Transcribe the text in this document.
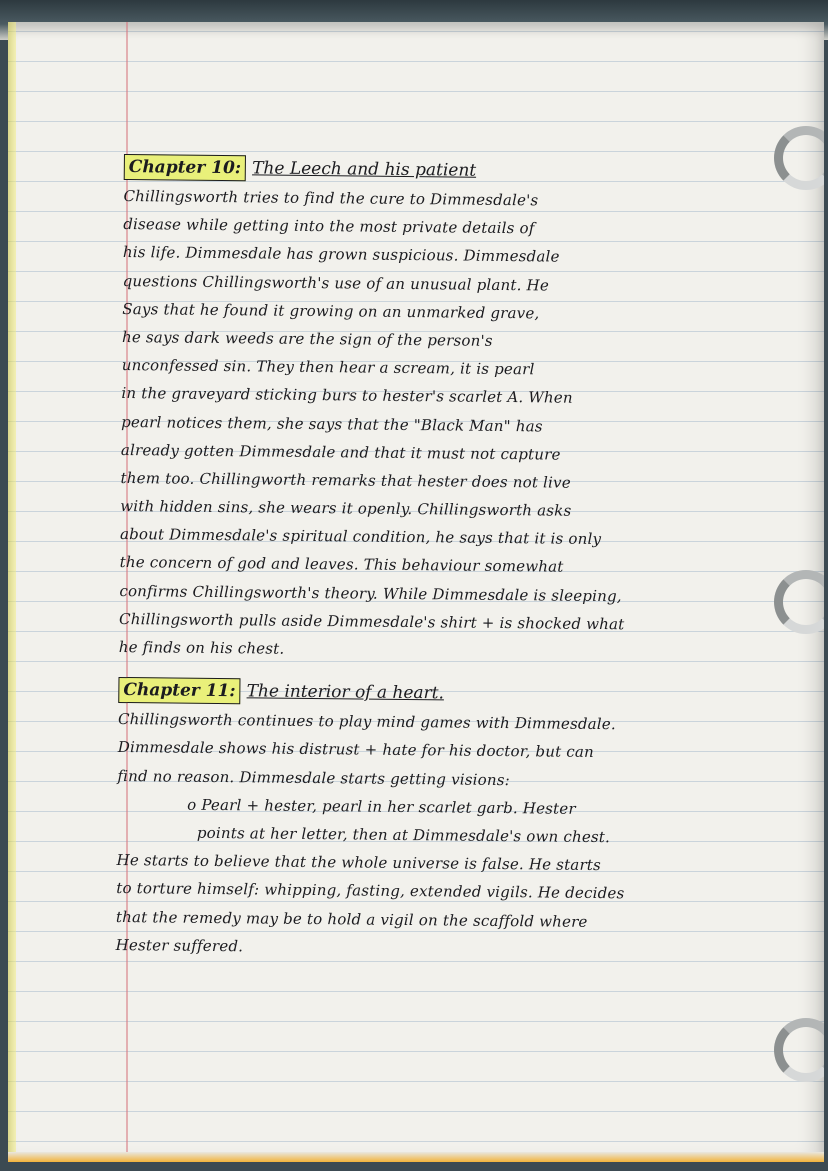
Chapter 10: The Leech and his patient
Chillingsworth tries to find the cure to Dimmesdale's
disease while getting into the most private details of
his life. Dimmesdale has grown suspicious. Dimmesdale
questions Chillingsworth's use of an unusual plant. He
Says that he found it growing on an unmarked grave,
he says dark weeds are the sign of the person's
unconfessed sin. They then hear a scream, it is pearl
in the graveyard sticking burs to hester's scarlet A. When
pearl notices them, she says that the "Black Man" has
already gotten Dimmesdale and that it must not capture
them too. Chillingworth remarks that hester does not live
with hidden sins, she wears it openly. Chillingsworth asks
about Dimmesdale's spiritual condition, he says that it is only
the concern of god and leaves. This behaviour somewhat
confirms Chillingsworth's theory. While Dimmesdale is sleeping,
Chillingsworth pulls aside Dimmesdale's shirt + is shocked what
he finds on his chest.
Chapter 11: The interior of a heart.
Chillingsworth continues to play mind games with Dimmesdale.
Dimmesdale shows his distrust + hate for his doctor, but can
find no reason. Dimmesdale starts getting visions:
o Pearl + hester, pearl in her scarlet garb. Hester
points at her letter, then at Dimmesdale's own chest.
He starts to believe that the whole universe is false. He starts
to torture himself: whipping, fasting, extended vigils. He decides
that the remedy may be to hold a vigil on the scaffold where
Hester suffered.
